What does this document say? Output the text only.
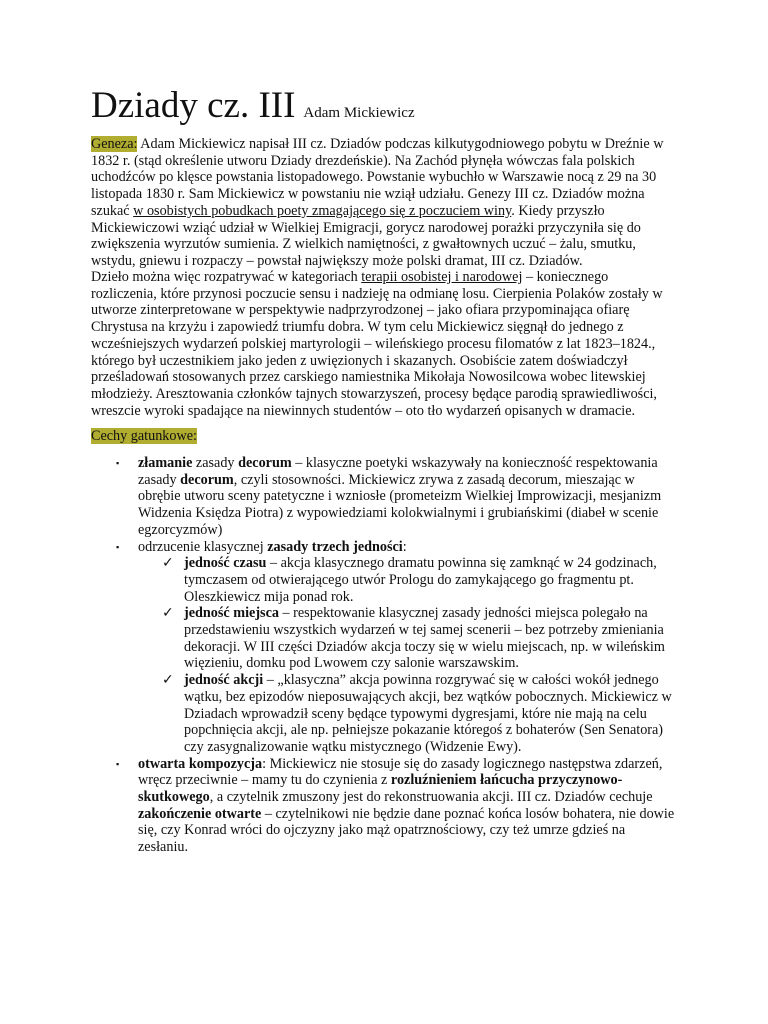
Dziady cz. III Adam Mickiewicz
Geneza: Adam Mickiewicz napisał III cz. Dziadów podczas kilkutygodniowego pobytu w Dreźnie w 1832 r. (stąd określenie utworu Dziady drezdeńskie). Na Zachód płynęła wówczas fala polskich uchodźców po klęsce powstania listopadowego. Powstanie wybuchło w Warszawie nocą z 29 na 30 listopada 1830 r. Sam Mickiewicz w powstaniu nie wziął udziału. Genezy III cz. Dziadów można szukać w osobistych pobudkach poety zmagającego się z poczuciem winy. Kiedy przyszło Mickiewiczowi wziąć udział w Wielkiej Emigracji, gorycz narodowej porażki przyczyniła się do zwiększenia wyrzutów sumienia. Z wielkich namiętności, z gwałtownych uczuć – żalu, smutku, wstydu, gniewu i rozpaczy – powstał największy może polski dramat, III cz. Dziadów.
Dzieło można więc rozpatrywać w kategoriach terapii osobistej i narodowej – koniecznego rozliczenia, które przynosi poczucie sensu i nadzieję na odmianę losu. Cierpienia Polaków zostały w utworze zinterpretowane w perspektywie nadprzyrodzonej – jako ofiara przypominająca ofiarę Chrystusa na krzyżu i zapowiedź triumfu dobra. W tym celu Mickiewicz sięgnął do jednego z wcześniejszych wydarzeń polskiej martyrologii – wileńskiego procesu filomatów z lat 1823–1824., którego był uczestnikiem jako jeden z uwięzionych i skazanych. Osobiście zatem doświadczył prześladowań stosowanych przez carskiego namiestnika Mikołaja Nowosilcowa wobec litewskiej młodzieży. Aresztowania członków tajnych stowarzyszeń, procesy będące parodią sprawiedliwości, wreszcie wyroki spadające na niewinnych studentów – oto tło wydarzeń opisanych w dramacie.
Cechy gatunkowe:
▪ złamanie zasady decorum – klasyczne poetyki wskazywały na konieczność respektowania zasady decorum, czyli stosowności. Mickiewicz zrywa z zasadą decorum, mieszając w obrębie utworu sceny patetyczne i wzniosłe (prometeizm Wielkiej Improwizacji, mesjanizm Widzenia Księdza Piotra) z wypowiedziami kolokwialnymi i grubiańskimi (diabeł w scenie egzorcyzmów)
▪ odrzucenie klasycznej zasady trzech jedności:
✓ jedność czasu – akcja klasycznego dramatu powinna się zamknąć w 24 godzinach, tymczasem od otwierającego utwór Prologu do zamykającego go fragmentu pt. Oleszkiewicz mija ponad rok.
✓ jedność miejsca – respektowanie klasycznej zasady jedności miejsca polegało na przedstawieniu wszystkich wydarzeń w tej samej scenerii – bez potrzeby zmieniania dekoracji. W III części Dziadów akcja toczy się w wielu miejscach, np. w wileńskim więzieniu, domku pod Lwowem czy salonie warszawskim.
✓ jedność akcji – „klasyczna” akcja powinna rozgrywać się w całości wokół jednego wątku, bez epizodów nieposuwających akcji, bez wątków pobocznych. Mickiewicz w Dziadach wprowadził sceny będące typowymi dygresjami, które nie mają na celu popchnięcia akcji, ale np. pełniejsze pokazanie któregoś z bohaterów (Sen Senatora) czy zasygnalizowanie wątku mistycznego (Widzenie Ewy).
▪ otwarta kompozycja: Mickiewicz nie stosuje się do zasady logicznego następstwa zdarzeń, wręcz przeciwnie – mamy tu do czynienia z rozluźnieniem łańcucha przyczynowo-skutkowego, a czytelnik zmuszony jest do rekonstruowania akcji. III cz. Dziadów cechuje zakończenie otwarte – czytelnikowi nie będzie dane poznać końca losów bohatera, nie dowie się, czy Konrad wróci do ojczyzny jako mąż opatrznościowy, czy też umrze gdzieś na zesłaniu.
